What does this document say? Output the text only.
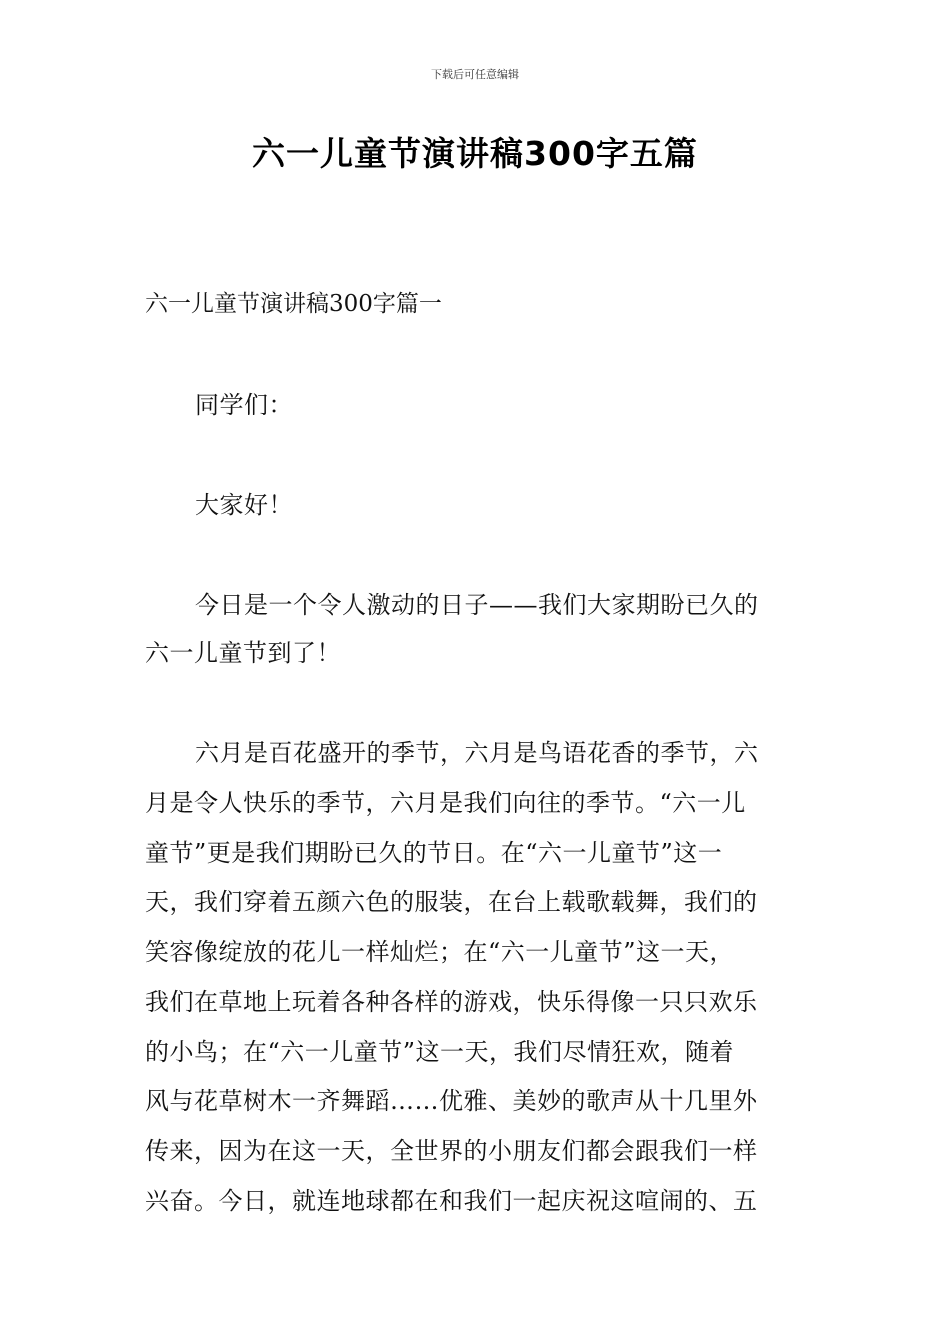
下载后可任意编辑
六一儿童节演讲稿300字五篇
六一儿童节演讲稿300字篇一
同学们：
大家好！
今日是一个令人激动的日子——我们大家期盼已久的
六一儿童节到了！
六月是百花盛开的季节，六月是鸟语花香的季节，六
月是令人快乐的季节，六月是我们向往的季节。“六一儿
童节”更是我们期盼已久的节日。在“六一儿童节”这一
天，我们穿着五颜六色的服装，在台上载歌载舞，我们的
笑容像绽放的花儿一样灿烂；在“六一儿童节”这一天，
我们在草地上玩着各种各样的游戏，快乐得像一只只欢乐
的小鸟；在“六一儿童节”这一天，我们尽情狂欢，随着
风与花草树木一齐舞蹈……优雅、美妙的歌声从十几里外
传来，因为在这一天，全世界的小朋友们都会跟我们一样
兴奋。今日，就连地球都在和我们一起庆祝这喧闹的、五
